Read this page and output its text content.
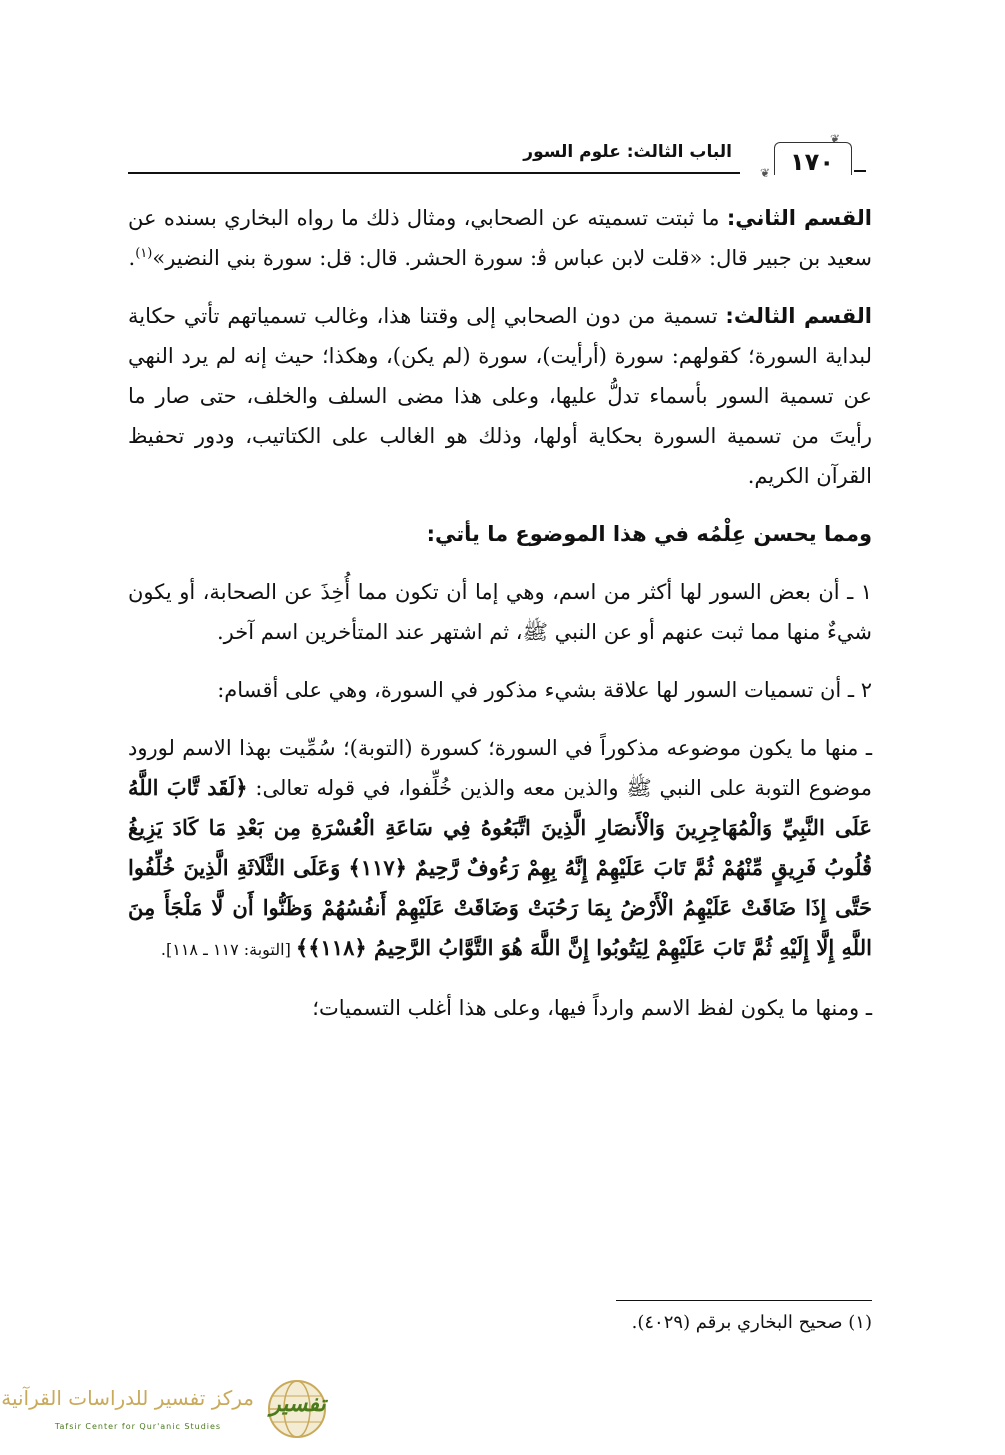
الباب الثالث: علوم السور
❦
١٧٠
❦

القسم الثاني: ما ثبتت تسميته عن الصحابي، ومثال ذلك ما رواه البخاري بسنده عن سعيد بن جبير قال: «قلت لابن عباس ﭬ: سورة الحشر. قال: قل: سورة بني النضير»$^{(١)}$.

القسم الثالث: تسمية من دون الصحابي إلى وقتنا هذا، وغالب تسمياتهم تأتي حكاية لبداية السورة؛ كقولهم: سورة (أرأيت)، سورة (لم يكن)، وهكذا؛ حيث إنه لم يرد النهي عن تسمية السور بأسماء تدلُّ عليها، وعلى هذا مضى السلف والخلف، حتى صار ما رأيتَ من تسمية السورة بحكاية أولها، وذلك هو الغالب على الكتاتيب، ودور تحفيظ القرآن الكريم.

ومما يحسن عِلْمُه في هذا الموضوع ما يأتي:

١ ـ أن بعض السور لها أكثر من اسم، وهي إما أن تكون مما أُخِذَ عن الصحابة، أو يكون شيءٌ منها مما ثبت عنهم أو عن النبي ﷺ، ثم اشتهر عند المتأخرين اسم آخر.

٢ ـ أن تسميات السور لها علاقة بشيء مذكور في السورة، وهي على أقسام:

ـ منها ما يكون موضوعه مذكوراً في السورة؛ كسورة (التوبة)؛ سُمِّيت بهذا الاسم لورود موضوع التوبة على النبي ﷺ والذين معه والذين خُلِّفوا، في قوله تعالى: ﴿لَقَد تَّابَ اللَّهُ عَلَى النَّبِيِّ وَالْمُهَاجِرِينَ وَالْأَنصَارِ الَّذِينَ اتَّبَعُوهُ فِي سَاعَةِ الْعُسْرَةِ مِن بَعْدِ مَا كَادَ يَزِيغُ قُلُوبُ فَرِيقٍ مِّنْهُمْ ثُمَّ تَابَ عَلَيْهِمْ إِنَّهُ بِهِمْ رَءُوفٌ رَّحِيمٌ ﴿١١٧﴾ وَعَلَى الثَّلَاثَةِ الَّذِينَ خُلِّفُوا حَتَّى إِذَا ضَاقَتْ عَلَيْهِمُ الْأَرْضُ بِمَا رَحُبَتْ وَضَاقَتْ عَلَيْهِمْ أَنفُسُهُمْ وَظَنُّوا أَن لَّا مَلْجَأَ مِنَ اللَّهِ إِلَّا إِلَيْهِ ثُمَّ تَابَ عَلَيْهِمْ لِيَتُوبُوا إِنَّ اللَّهَ هُوَ التَّوَّابُ الرَّحِيمُ ﴿١١٨﴾﴾ [التوبة: ١١٧ ـ ١١٨].

ـ ومنها ما يكون لفظ الاسم وارداً فيها، وعلى هذا أغلب التسميات؛

(١) صحيح البخاري برقم (٤٠٢٩).
تفسير
مركز تفسير للدراسات القرآنية
Tafsir Center for Qur'anic Studies
